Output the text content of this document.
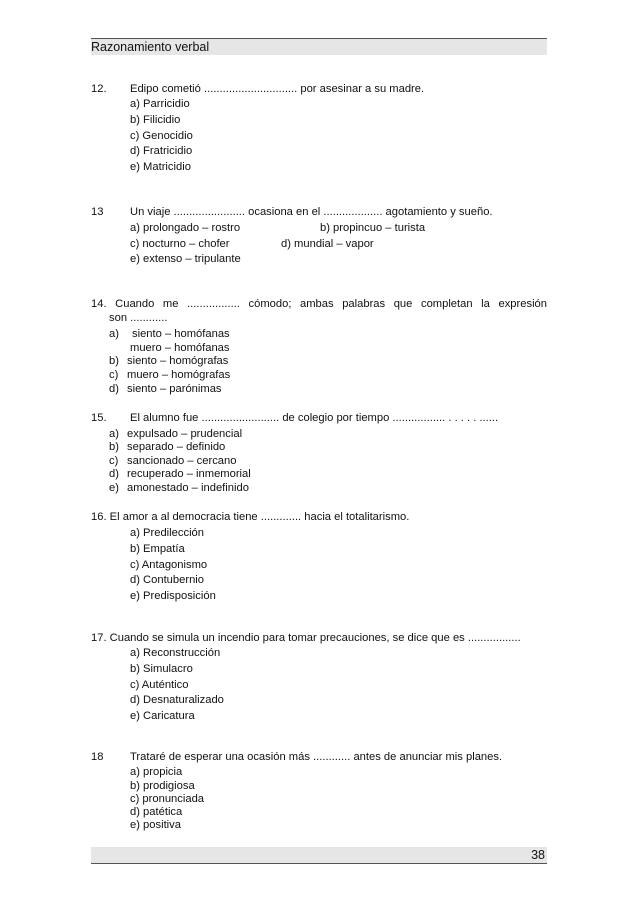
Razonamiento verbal
12. Edipo cometió .............................. por asesinar a su madre.
a) Parricidio
b) Filicidio
c) Genocidio
d) Fratricidio
e) Matricidio
13 Un viaje ....................... ocasiona en el ................... agotamiento y sueño.
a) prolongado – rostro	b) propincuo – turista
c) nocturno – chofer	d) mundial – vapor
e) extenso – tripulante
14. Cuando me ................. cómodo; ambas palabras que completan la expresión
son ............
a) siento – homófanas
muero – homófanas
b) siento – homógrafas
c) muero – homógrafas
d) siento – parónimas
15. El alumno fue ......................... de colegio por tiempo ................. . . . . . ......
a) expulsado – prudencial
b) separado – definido
c) sancionado – cercano
d) recuperado – inmemorial
e) amonestado – indefinido
16. El amor a al democracia tiene ............. hacia el totalitarismo.
a) Predilección
b) Empatía
c) Antagonismo
d) Contubernio
e) Predisposición
17. Cuando se simula un incendio para tomar precauciones, se dice que es .................
a) Reconstrucción
b) Simulacro
c) Auténtico
d) Desnaturalizado
e) Caricatura
18 Trataré de esperar una ocasión más ............ antes de anunciar mis planes.
a) propicia
b) prodigiosa
c) pronunciada
d) patética
e) positiva
38
